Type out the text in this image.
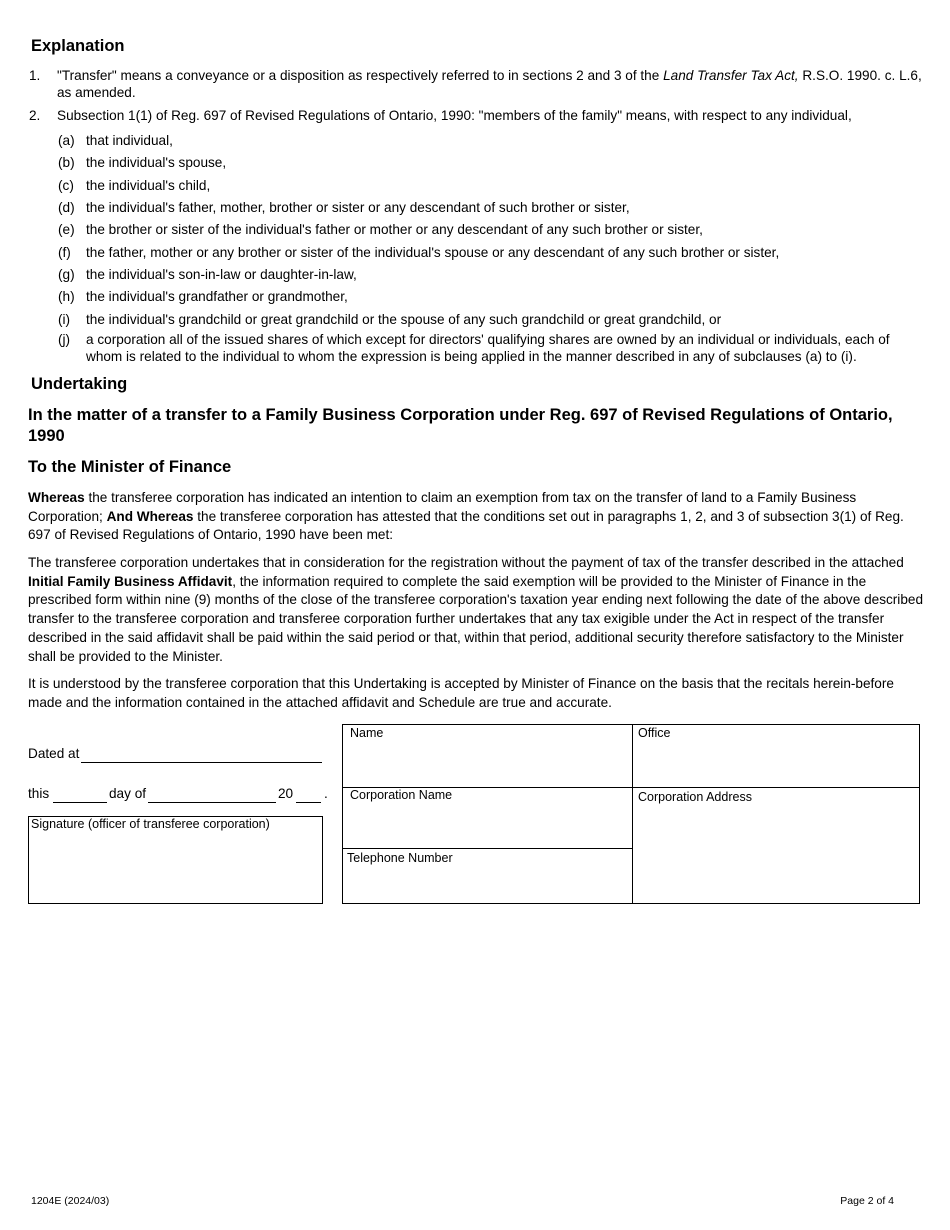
Explanation
1. "Transfer" means a conveyance or a disposition as respectively referred to in sections 2 and 3 of the Land Transfer Tax Act, R.S.O. 1990. c. L.6,
as amended.
2. Subsection 1(1) of Reg. 697 of Revised Regulations of Ontario, 1990: "members of the family" means, with respect to any individual,
(a) that individual,
(b) the individual's spouse,
(c) the individual's child,
(d) the individual's father, mother, brother or sister or any descendant of such brother or sister,
(e) the brother or sister of the individual's father or mother or any descendant of any such brother or sister,
(f) the father, mother or any brother or sister of the individual's spouse or any descendant of any such brother or sister,
(g) the individual's son-in-law or daughter-in-law,
(h) the individual's grandfather or grandmother,
(i) the individual's grandchild or great grandchild or the spouse of any such grandchild or great grandchild, or
(j) a corporation all of the issued shares of which except for directors' qualifying shares are owned by an individual or individuals, each of
whom is related to the individual to whom the expression is being applied in the manner described in any of subclauses (a) to (i).
Undertaking
In the matter of a transfer to a Family Business Corporation under Reg. 697 of Revised Regulations of Ontario, 1990
To the Minister of Finance
Whereas the transferee corporation has indicated an intention to claim an exemption from tax on the transfer of land to a Family Business Corporation; And Whereas the transferee corporation has attested that the conditions set out in paragraphs 1, 2, and 3 of subsection 3(1) of Reg. 697 of Revised Regulations of Ontario, 1990 have been met:
The transferee corporation undertakes that in consideration for the registration without the payment of tax of the transfer described in the attached Initial Family Business Affidavit, the information required to complete the said exemption will be provided to the Minister of Finance in the prescribed form within nine (9) months of the close of the transferee corporation's taxation year ending next following the date of the above described transfer to the transferee corporation and transferee corporation further undertakes that any tax exigible under the Act in respect of the transfer described in the said affidavit shall be paid within the said period or that, within that period, additional security therefore satisfactory to the Minister shall be provided to the Minister.
It is understood by the transferee corporation that this Undertaking is accepted by Minister of Finance on the basis that the recitals herein-before made and the information contained in the attached affidavit and Schedule are true and accurate.
Dated at
this	day of	20 .
Signature (officer of transferee corporation)
Name	Office
Corporation Name	Corporation Address
Telephone Number
1204E (2024/03)	Page 2 of 4
